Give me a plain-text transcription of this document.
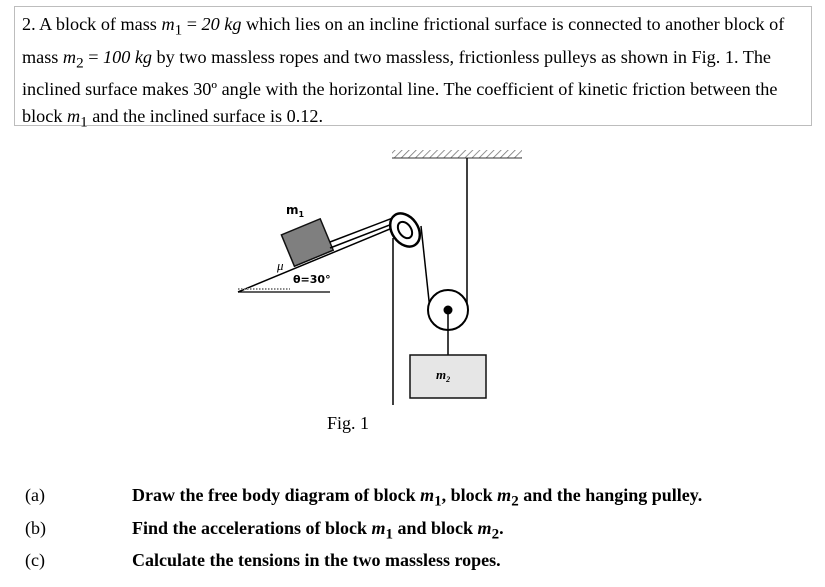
2. A block of mass $m_1 = 20$ kg which lies on an incline frictional surface is connected to another block of mass $m_2 = 100$ kg by two massless ropes and two massless, frictionless pulleys as shown in Fig. 1. The inclined surface makes 30º angle with the horizontal line. The coefficient of kinetic friction between the block $m_1$ and the inclined surface is 0.12.

$m_1$
μ
θ=30°
$m_2$
Fig. 1
(a)	Draw the free body diagram of block $m_1$, block $m_2$ and the hanging pulley.
(b)	Find the accelerations of block $m_1$ and block $m_2$.
(c)	Calculate the tensions in the two massless ropes.
